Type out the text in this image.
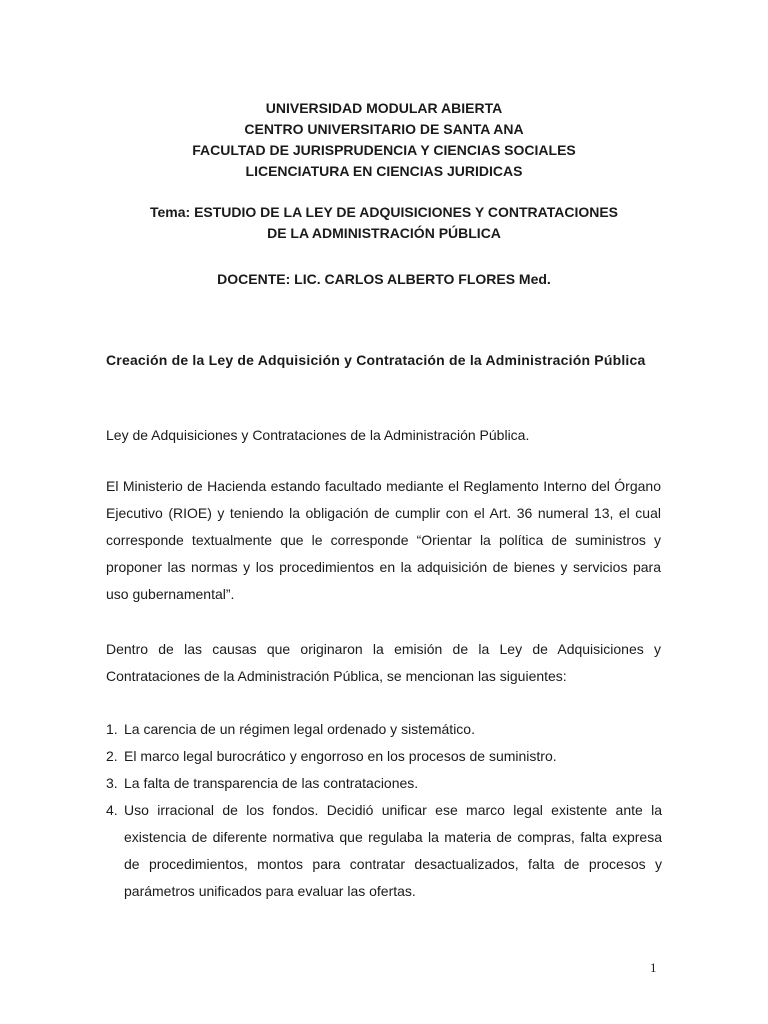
UNIVERSIDAD MODULAR ABIERTA
CENTRO UNIVERSITARIO DE SANTA ANA
FACULTAD DE JURISPRUDENCIA Y CIENCIAS SOCIALES
LICENCIATURA EN CIENCIAS JURIDICAS
Tema: ESTUDIO DE LA LEY DE ADQUISICIONES Y CONTRATACIONES
DE LA ADMINISTRACIÓN PÚBLICA
DOCENTE: LIC. CARLOS ALBERTO FLORES Med.
Creación de la Ley de Adquisición y Contratación de la Administración Pública
Ley de Adquisiciones y Contrataciones de la Administración Pública.
El Ministerio de Hacienda estando facultado mediante el Reglamento Interno del Órgano Ejecutivo (RIOE) y teniendo la obligación de cumplir con el Art. 36 numeral 13, el cual corresponde textualmente que le corresponde “Orientar la política de suministros y proponer las normas y los procedimientos en la adquisición de bienes y servicios para uso gubernamental”.
Dentro de las causas que originaron la emisión de la Ley de Adquisiciones y Contrataciones de la Administración Pública, se mencionan las siguientes:
1. La carencia de un régimen legal ordenado y sistemático.
2. El marco legal burocrático y engorroso en los procesos de suministro.
3. La falta de transparencia de las contrataciones.
4. Uso irracional de los fondos. Decidió unificar ese marco legal existente ante la existencia de diferente normativa que regulaba la materia de compras, falta expresa de procedimientos, montos para contratar desactualizados, falta de procesos y parámetros unificados para evaluar las ofertas.
1
